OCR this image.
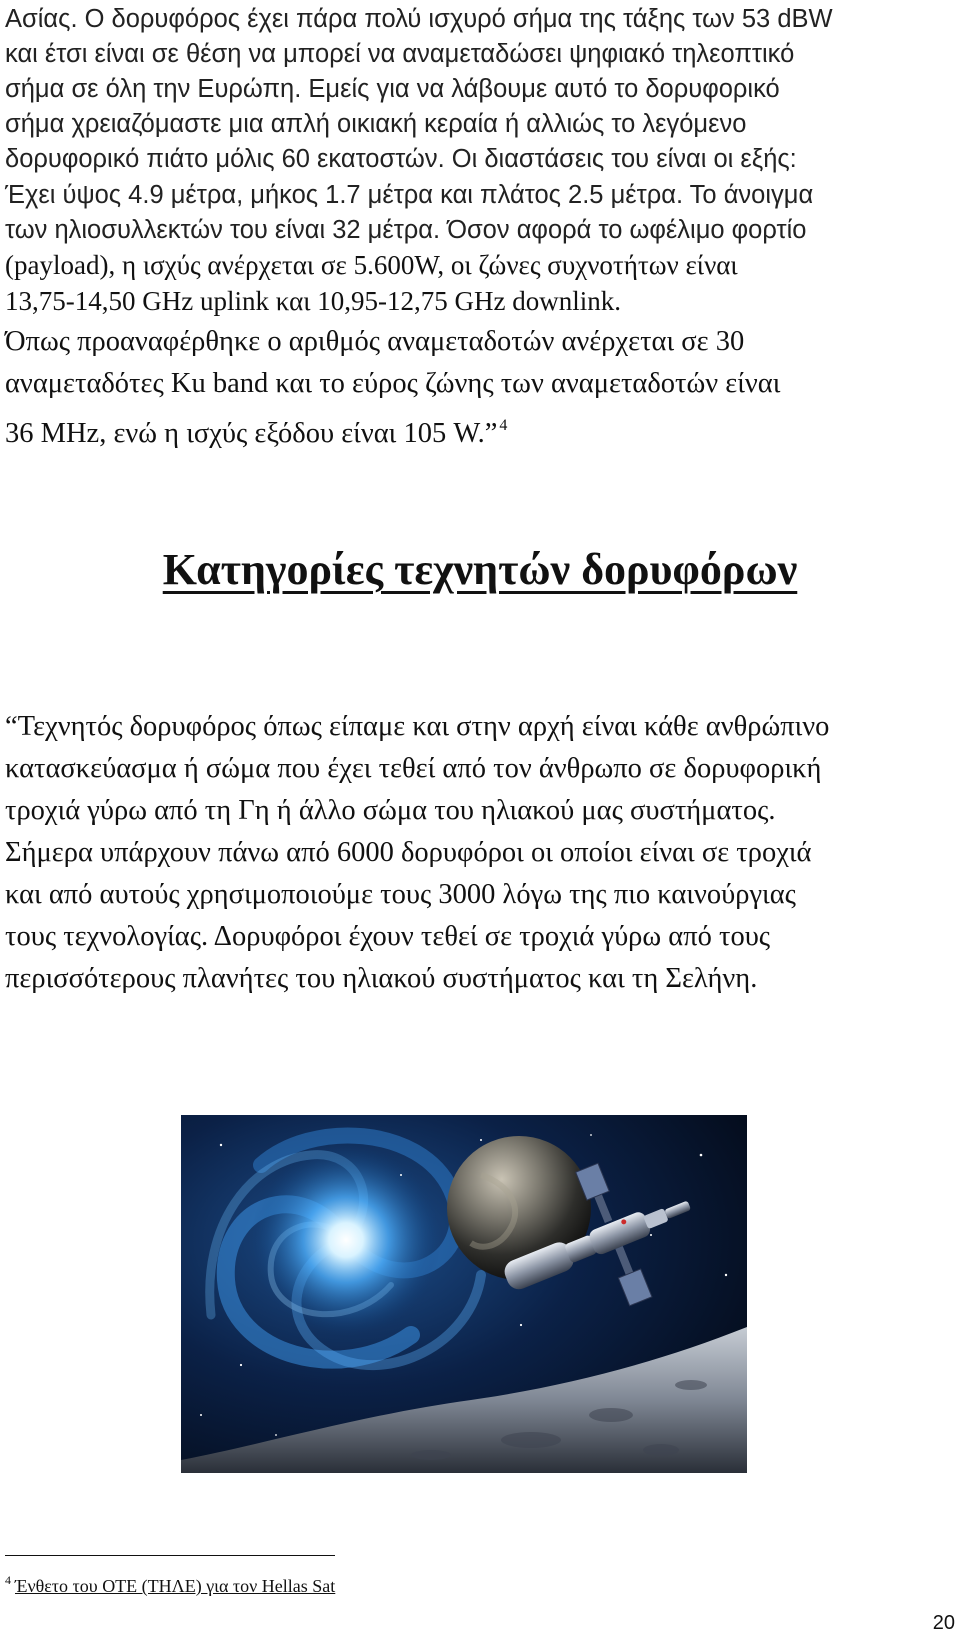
Ασίας. Ο δορυφόρος έχει πάρα πολύ ισχυρό σήμα της τάξης των 53 dBW
και έτσι είναι σε θέση να μπορεί να αναμεταδώσει ψηφιακό τηλεοπτικό
σήμα σε όλη την Ευρώπη. Εμείς για να λάβουμε αυτό το δορυφορικό
σήμα χρειαζόμαστε μια απλή οικιακή κεραία ή αλλιώς το λεγόμενο
δορυφορικό πιάτο μόλις 60 εκατοστών. Οι διαστάσεις του είναι οι εξής:
Έχει ύψος 4.9 μέτρα, μήκος 1.7 μέτρα και πλάτος 2.5 μέτρα. Το άνοιγμα
των ηλιοσυλλεκτών του είναι 32 μέτρα. Όσον αφορά το ωφέλιμο φορτίο
(payload), η ισχύς ανέρχεται σε 5.600W, οι ζώνες συχνοτήτων είναι
13,75-14,50 GHz uplink και 10,95-12,75 GHz downlink.
Όπως προαναφέρθηκε ο αριθμός αναμεταδοτών ανέρχεται σε 30
αναμεταδότες Ku band και το εύρος ζώνης των αναμεταδοτών είναι
36 MHz, ενώ η ισχύς εξόδου είναι 105 W.” $^4$
Κατηγορίες τεχνητών δορυφόρων
“Τεχνητός δορυφόρος όπως είπαμε και στην αρχή είναι κάθε ανθρώπινο
κατασκεύασμα ή σώμα που έχει τεθεί από τον άνθρωπο σε δορυφορική
τροχιά γύρω από τη Γη ή άλλο σώμα του ηλιακού μας συστήματος.
Σήμερα υπάρχουν πάνω από 6000 δορυφόροι οι οποίοι είναι σε τροχιά
και από αυτούς χρησιμοποιούμε τους 3000 λόγω της πιο καινούργιας
τους τεχνολογίας. Δορυφόροι έχουν τεθεί σε τροχιά γύρω από τους
περισσότερους πλανήτες του ηλιακού συστήματος και τη Σελήνη.
$^4$ Ένθετο του ΟΤΕ (ΤΗΛΕ) για τον Hellas Sat
20
